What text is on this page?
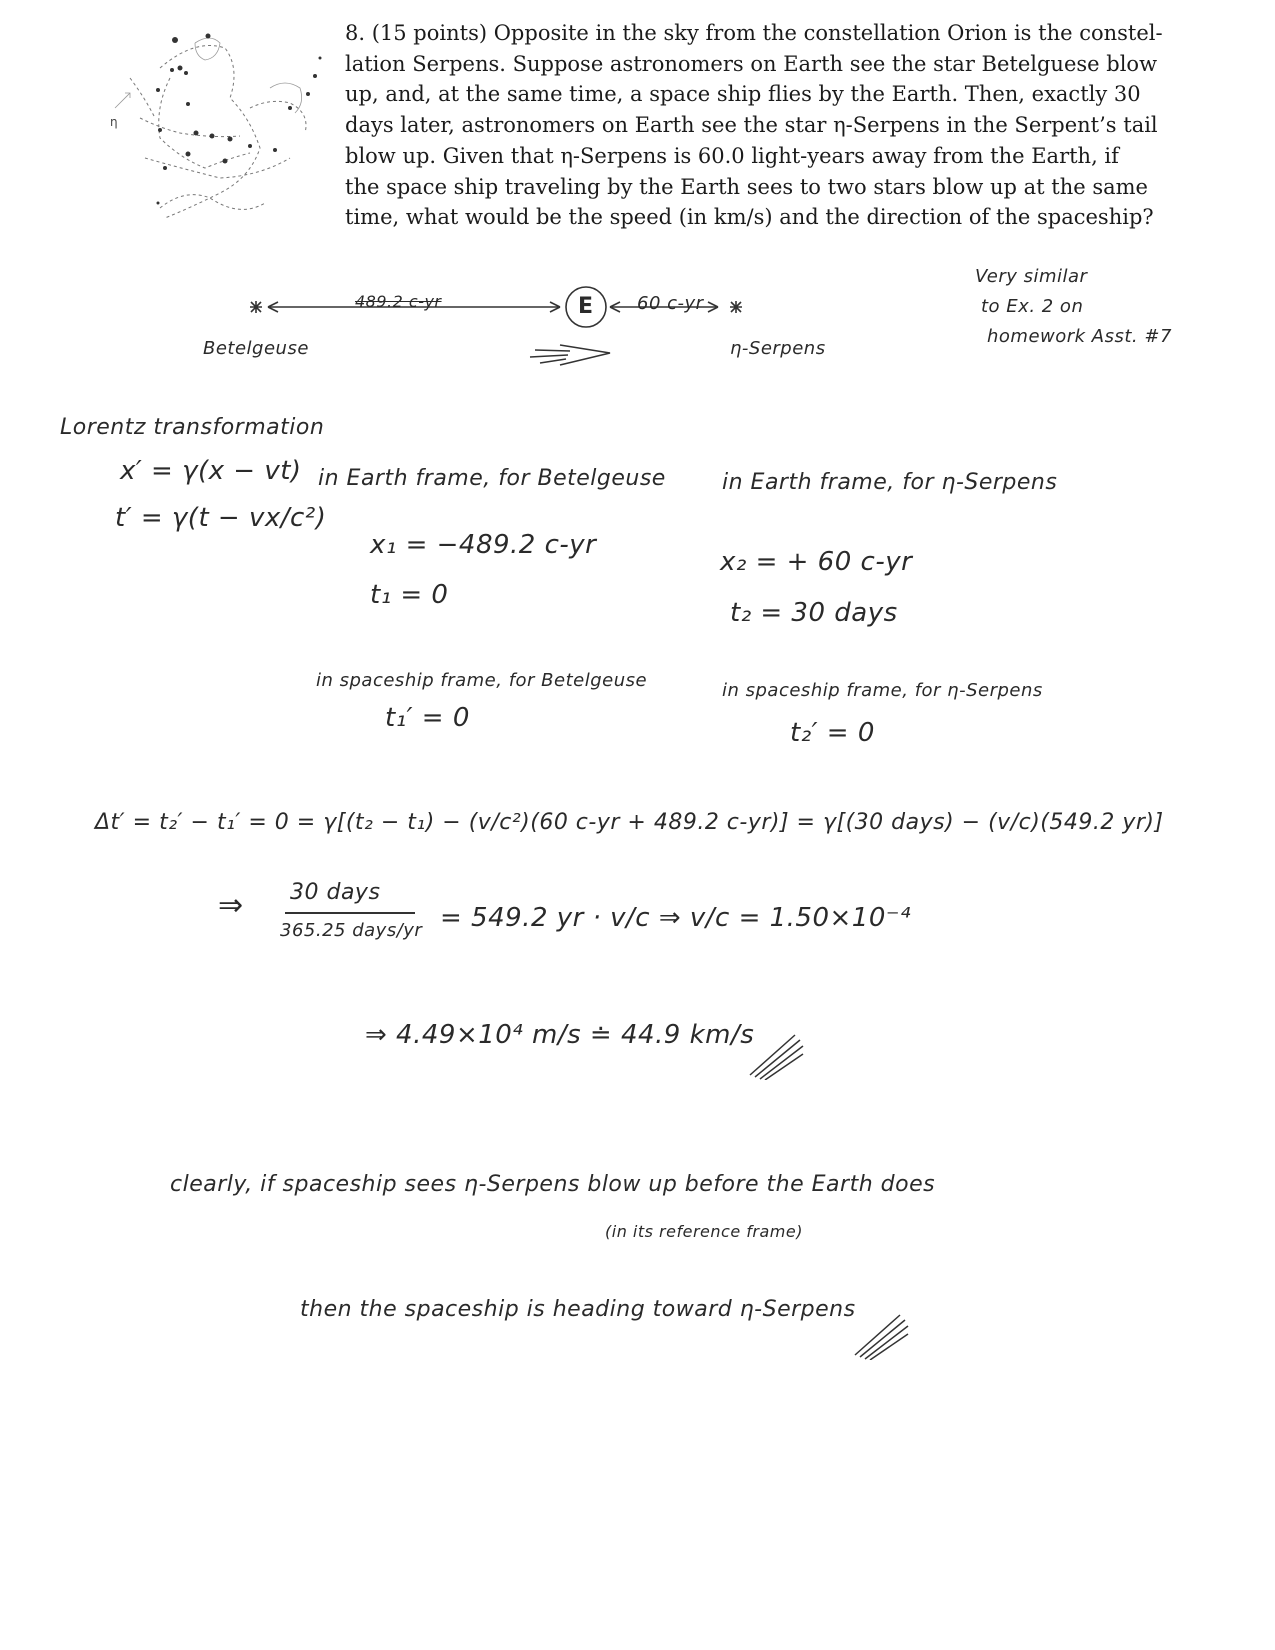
η
8. (15 points) Opposite in the sky from the constellation Orion is the constel-
lation Serpens. Suppose astronomers on Earth see the star Betelguese blow
up, and, at the same time, a space ship flies by the Earth. Then, exactly 30
days later, astronomers on Earth see the star η-Serpens in the Serpent’s tail
blow up. Given that η-Serpens is 60.0 light-years away from the Earth, if
the space ship traveling by the Earth sees to two stars blow up at the same
time, what would be the speed (in km/s) and the direction of the spaceship?
489.2 c-yr	E 60 c-yr
Betelgeuse	η-Serpens
Very similar
to Ex. 2 on
homework Asst. #7
Lorentz transformation
x′ = γ(x − vt)
t′ = γ(t − vx/c²)
in Earth frame, for Betelgeuse
x₁ = −489.2 c-yr
t₁ = 0
in Earth frame, for η-Serpens
x₂ = + 60 c-yr
t₂ = 30 days
in spaceship frame, for Betelgeuse
t₁′ = 0
in spaceship frame, for η-Serpens
t₂′ = 0
Δt′ = t₂′ − t₁′ = 0 = γ[(t₂ − t₁) − (v/c²)(60 c-yr + 489.2 c-yr)] = γ[(30 days) − (v/c)(549.2 yr)]
⇒ 30 days
365.25 days/yr = 549.2 yr · v/c ⇒ v/c = 1.50×10⁻⁴
⇒ 4.49×10⁴ m/s ≐ 44.9 km/s
clearly, if spaceship sees η-Serpens blow up before the Earth does
(in its reference frame)
then the spaceship is heading toward η-Serpens
